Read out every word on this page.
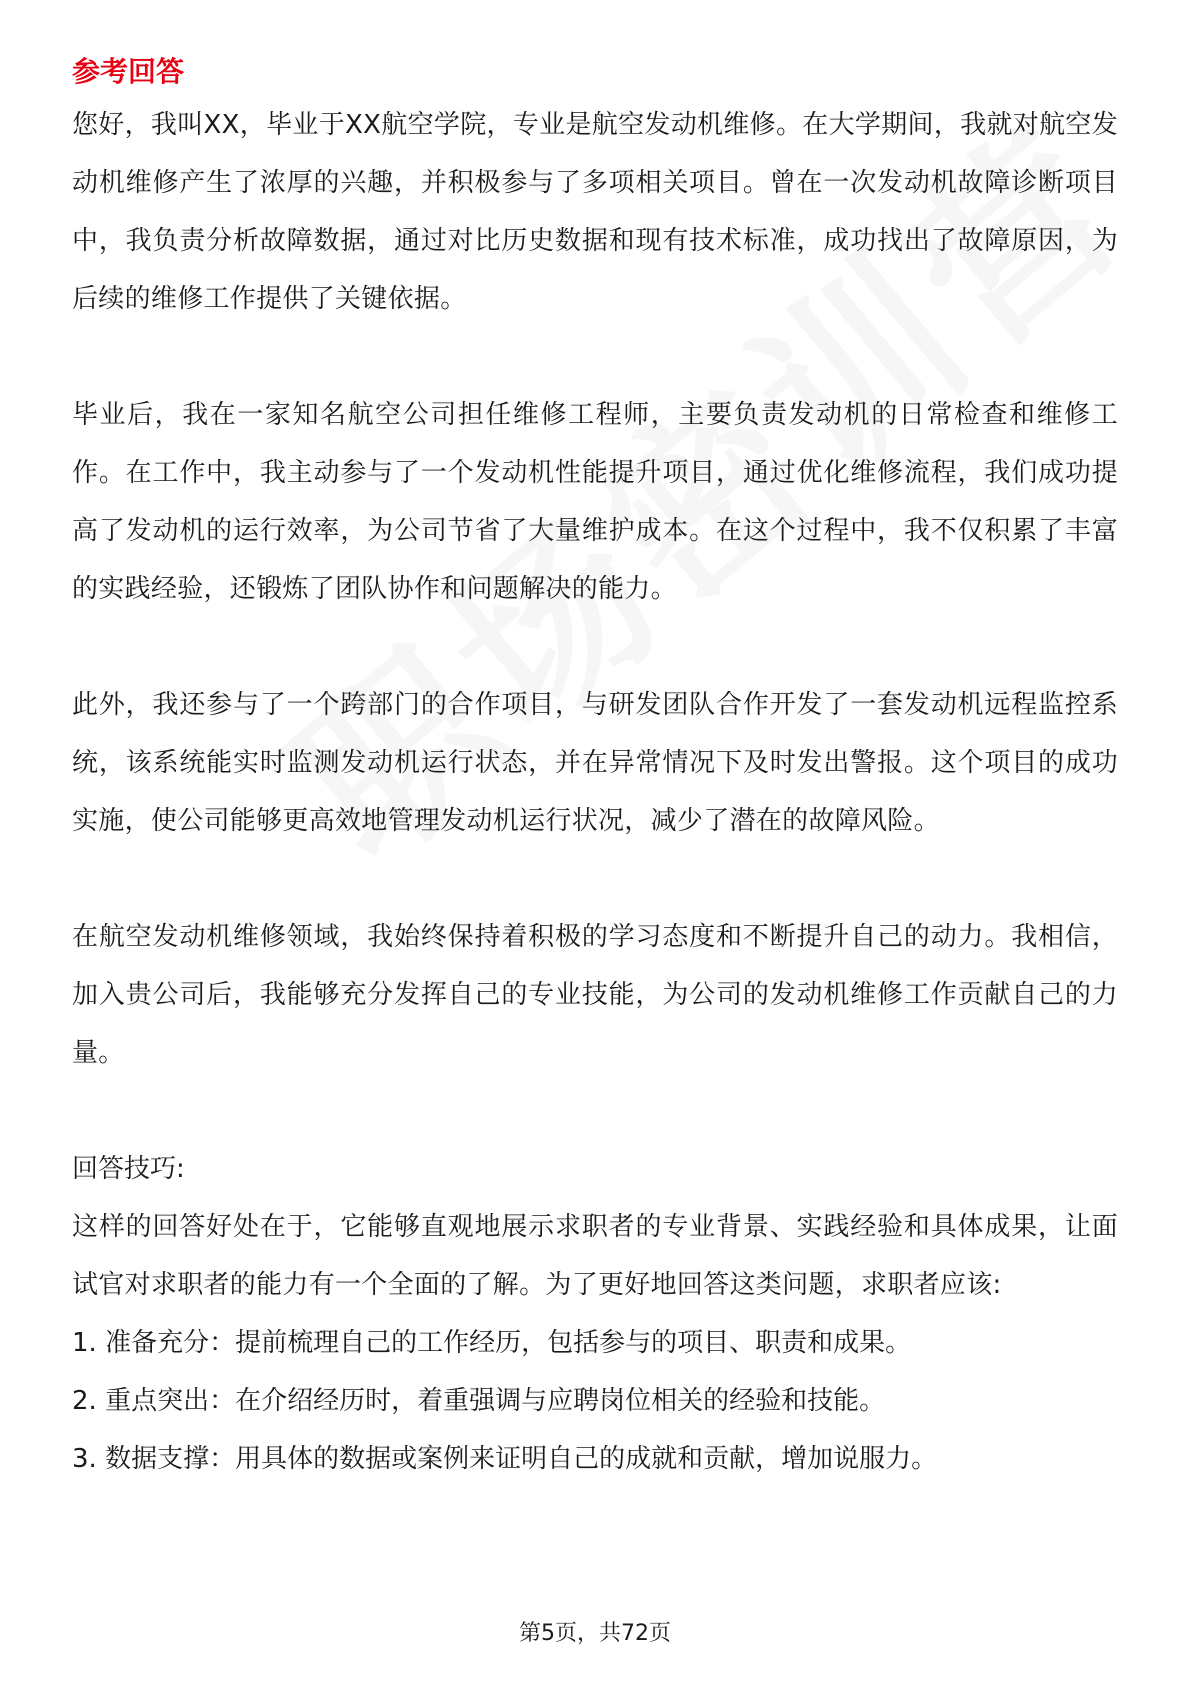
参考回答

您好，我叫XX，毕业于XX航空学院，专业是航空发动机维修。在大学期间，我就对航空发动机维修产生了浓厚的兴趣，并积极参与了多项相关项目。曾在一次发动机故障诊断项目中，我负责分析故障数据，通过对比历史数据和现有技术标准，成功找出了故障原因，为后续的维修工作提供了关键依据。

毕业后，我在一家知名航空公司担任维修工程师，主要负责发动机的日常检查和维修工作。在工作中，我主动参与了一个发动机性能提升项目，通过优化维修流程，我们成功提高了发动机的运行效率，为公司节省了大量维护成本。在这个过程中，我不仅积累了丰富的实践经验，还锻炼了团队协作和问题解决的能力。

此外，我还参与了一个跨部门的合作项目，与研发团队合作开发了一套发动机远程监控系统，该系统能实时监测发动机运行状态，并在异常情况下及时发出警报。这个项目的成功实施，使公司能够更高效地管理发动机运行状况，减少了潜在的故障风险。

在航空发动机维修领域，我始终保持着积极的学习态度和不断提升自己的动力。我相信，加入贵公司后，我能够充分发挥自己的专业技能，为公司的发动机维修工作贡献自己的力量。

回答技巧:

这样的回答好处在于，它能够直观地展示求职者的专业背景、实践经验和具体成果，让面试官对求职者的能力有一个全面的了解。为了更好地回答这类问题，求职者应该:

1. 准备充分：提前梳理自己的工作经历，包括参与的项目、职责和成果。

2. 重点突出：在介绍经历时，着重强调与应聘岗位相关的经验和技能。

3. 数据支撑：用具体的数据或案例来证明自己的成就和贡献，增加说服力。

第5页，共72页
